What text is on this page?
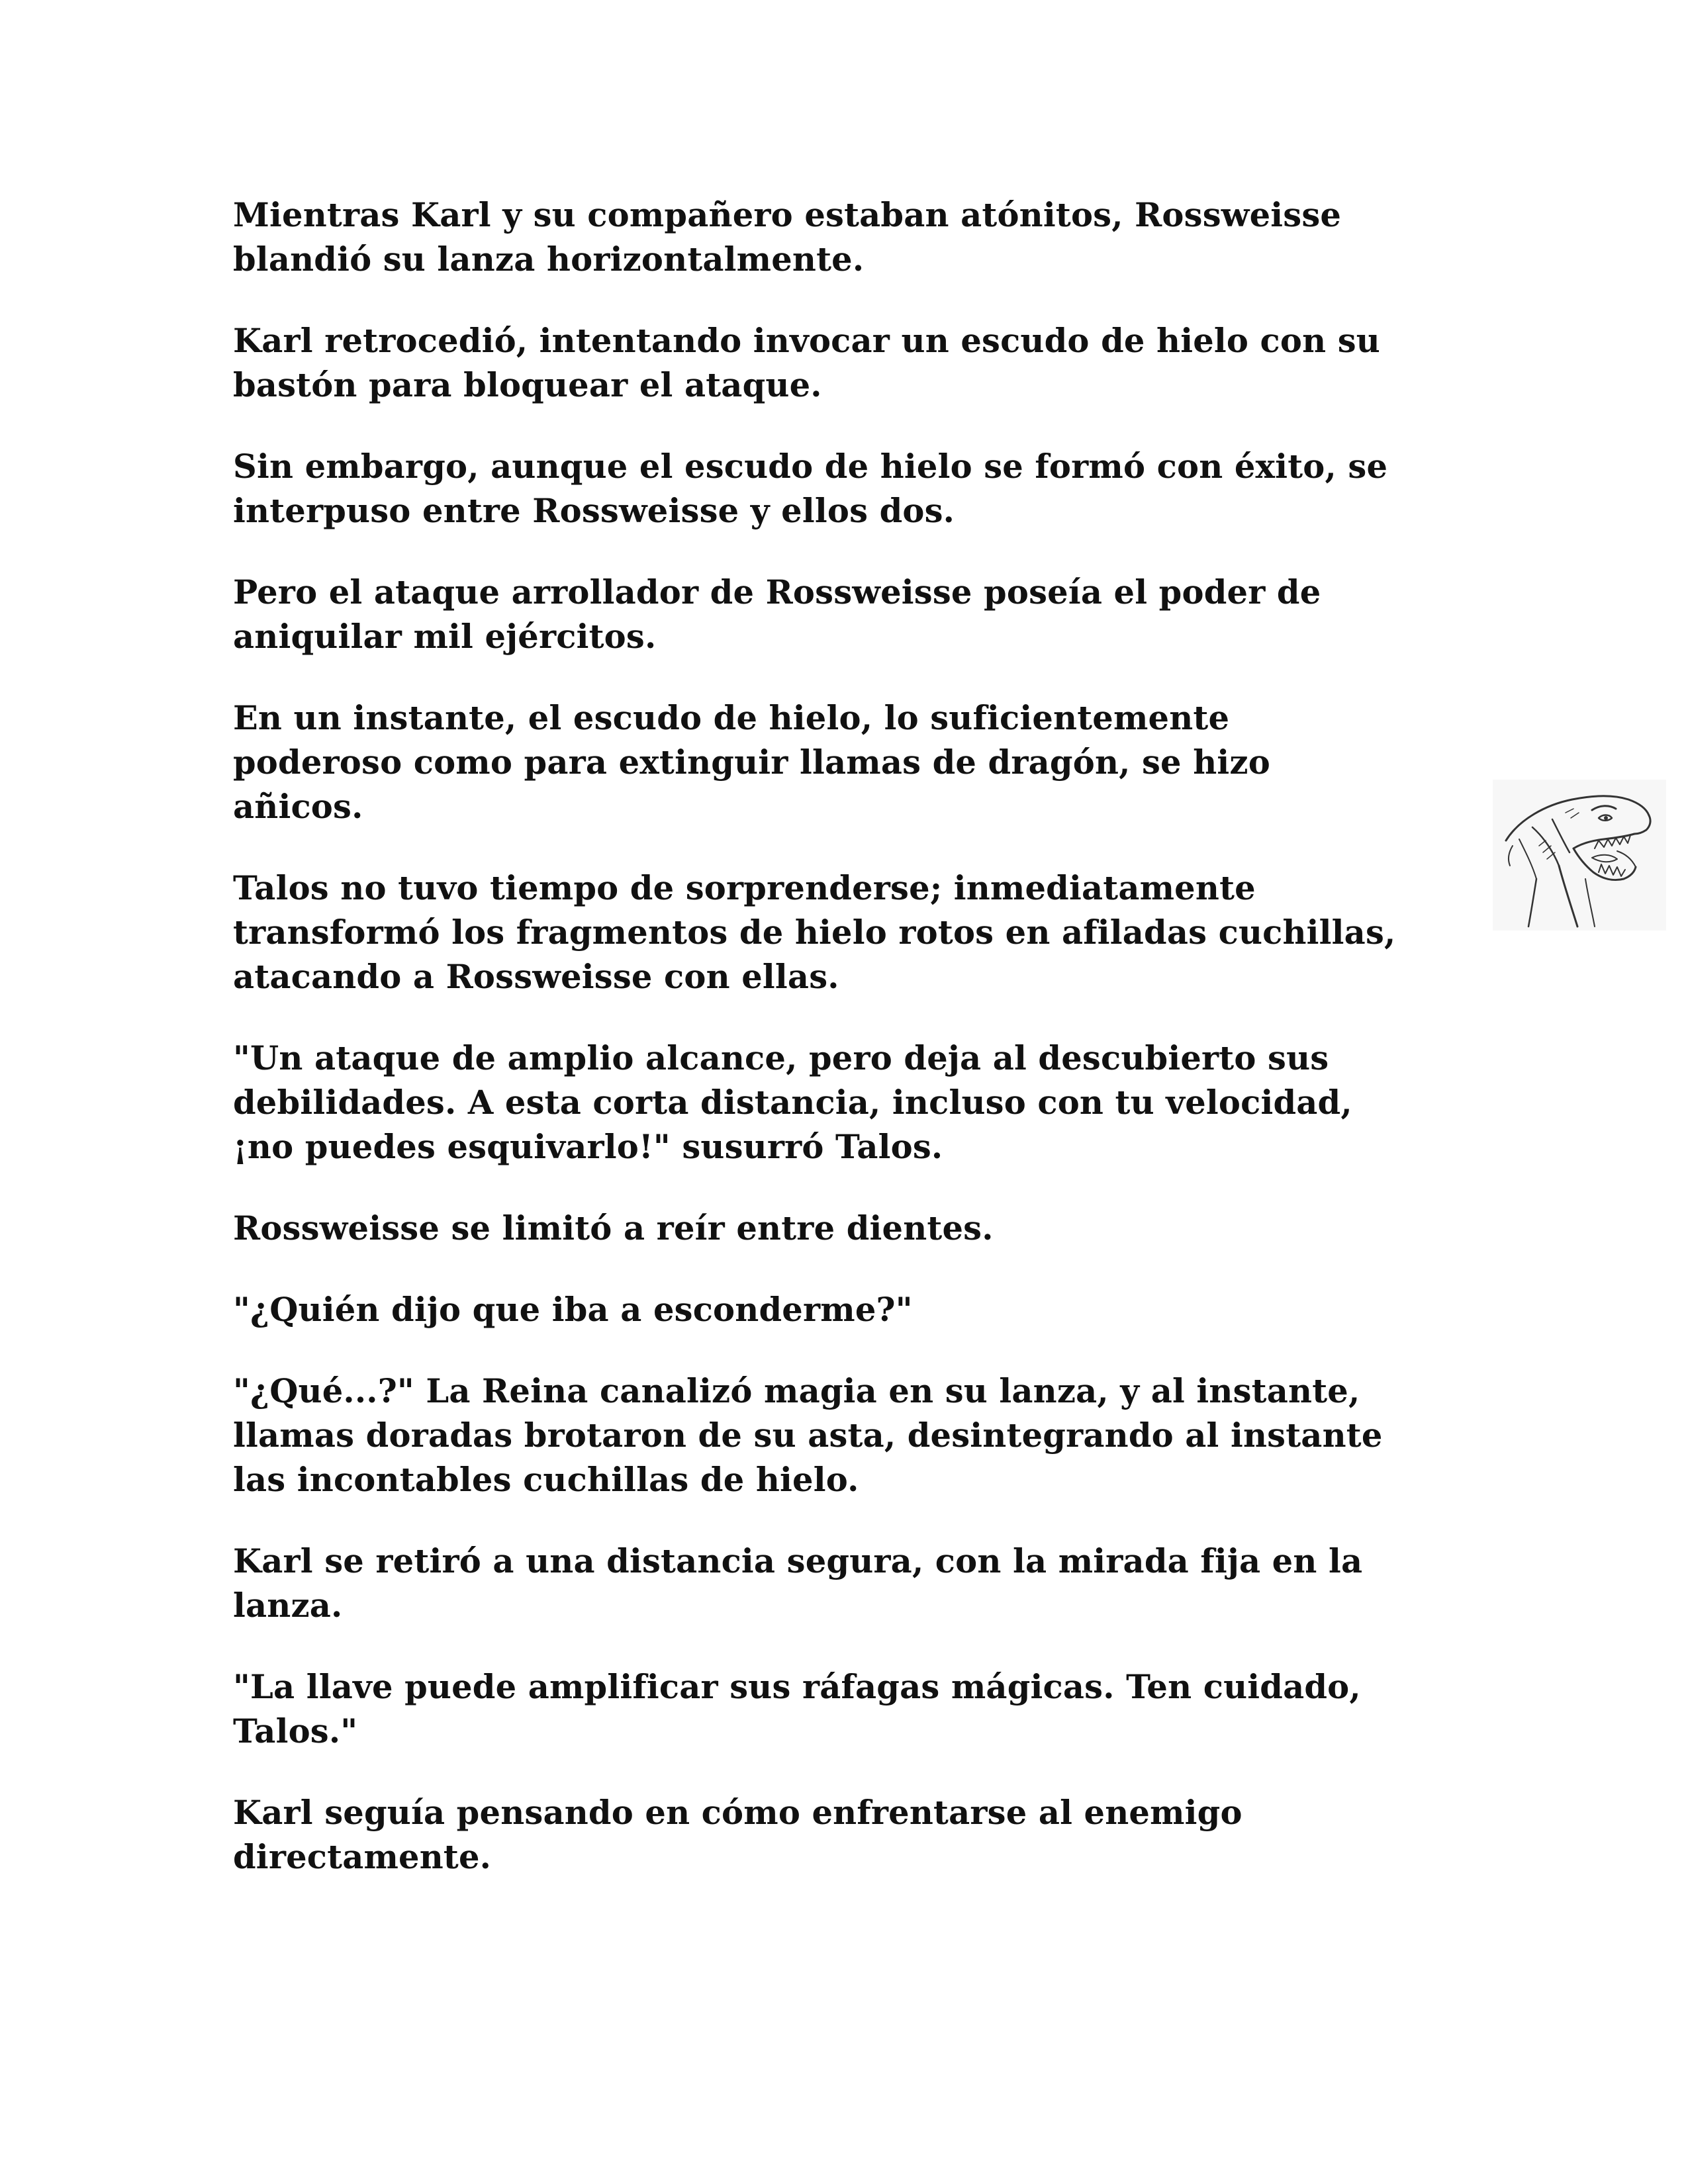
Mientras Karl y su compañero estaban atónitos, Rossweisse
blandió su lanza horizontalmente.

Karl retrocedió, intentando invocar un escudo de hielo con su
bastón para bloquear el ataque.

Sin embargo, aunque el escudo de hielo se formó con éxito, se
interpuso entre Rossweisse y ellos dos.

Pero el ataque arrollador de Rossweisse poseía el poder de
aniquilar mil ejércitos.

En un instante, el escudo de hielo, lo suficientemente
poderoso como para extinguir llamas de dragón, se hizo
añicos.

Talos no tuvo tiempo de sorprenderse; inmediatamente
transformó los fragmentos de hielo rotos en afiladas cuchillas,
atacando a Rossweisse con ellas.

"Un ataque de amplio alcance, pero deja al descubierto sus
debilidades. A esta corta distancia, incluso con tu velocidad,
¡no puedes esquivarlo!" susurró Talos.

Rossweisse se limitó a reír entre dientes.

"¿Quién dijo que iba a esconderme?"

"¿Qué...?" La Reina canalizó magia en su lanza, y al instante,
llamas doradas brotaron de su asta, desintegrando al instante
las incontables cuchillas de hielo.

Karl se retiró a una distancia segura, con la mirada fija en la
lanza.

"La llave puede amplificar sus ráfagas mágicas. Ten cuidado,
Talos."

Karl seguía pensando en cómo enfrentarse al enemigo
directamente.
